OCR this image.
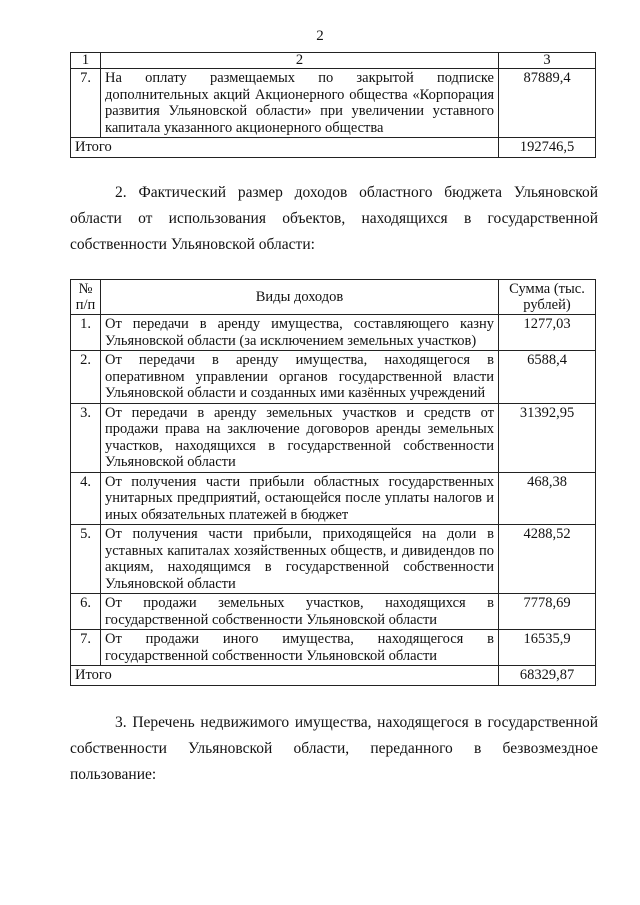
2
1	2	3
7.	На оплату размещаемых по закрытой подписке дополнительных акций Акционерного общества «Корпорация развития Ульяновской области» при увеличении уставного капитала указанного акционерного общества	87889,4
Итого		192746,5
2. Фактический размер доходов областного бюджета Ульяновской области от использования объектов, находящихся в государственной собственности Ульяновской области:
№ п/п	Виды доходов	Сумма (тыс. рублей)
1.	От передачи в аренду имущества, составляющего казну Ульяновской области (за исключением земельных участков)	1277,03
2.	От передачи в аренду имущества, находящегося в оперативном управлении органов государственной власти Ульяновской области и созданных ими казённых учреждений	6588,4
3.	От передачи в аренду земельных участков и средств от продажи права на заключение договоров аренды земельных участков, находящихся в государственной собственности Ульяновской области	31392,95
4.	От получения части прибыли областных государственных унитарных предприятий, остающейся после уплаты налогов и иных обязательных платежей в бюджет	468,38
5.	От получения части прибыли, приходящейся на доли в уставных капиталах хозяйственных обществ, и дивидендов по акциям, находящимся в государственной собственности Ульяновской области	4288,52
6.	От продажи земельных участков, находящихся в государственной собственности Ульяновской области	7778,69
7.	От продажи иного имущества, находящегося в государственной собственности Ульяновской области	16535,9
Итого		68329,87
3. Перечень недвижимого имущества, находящегося в государственной собственности Ульяновской области, переданного в безвозмездное пользование:
